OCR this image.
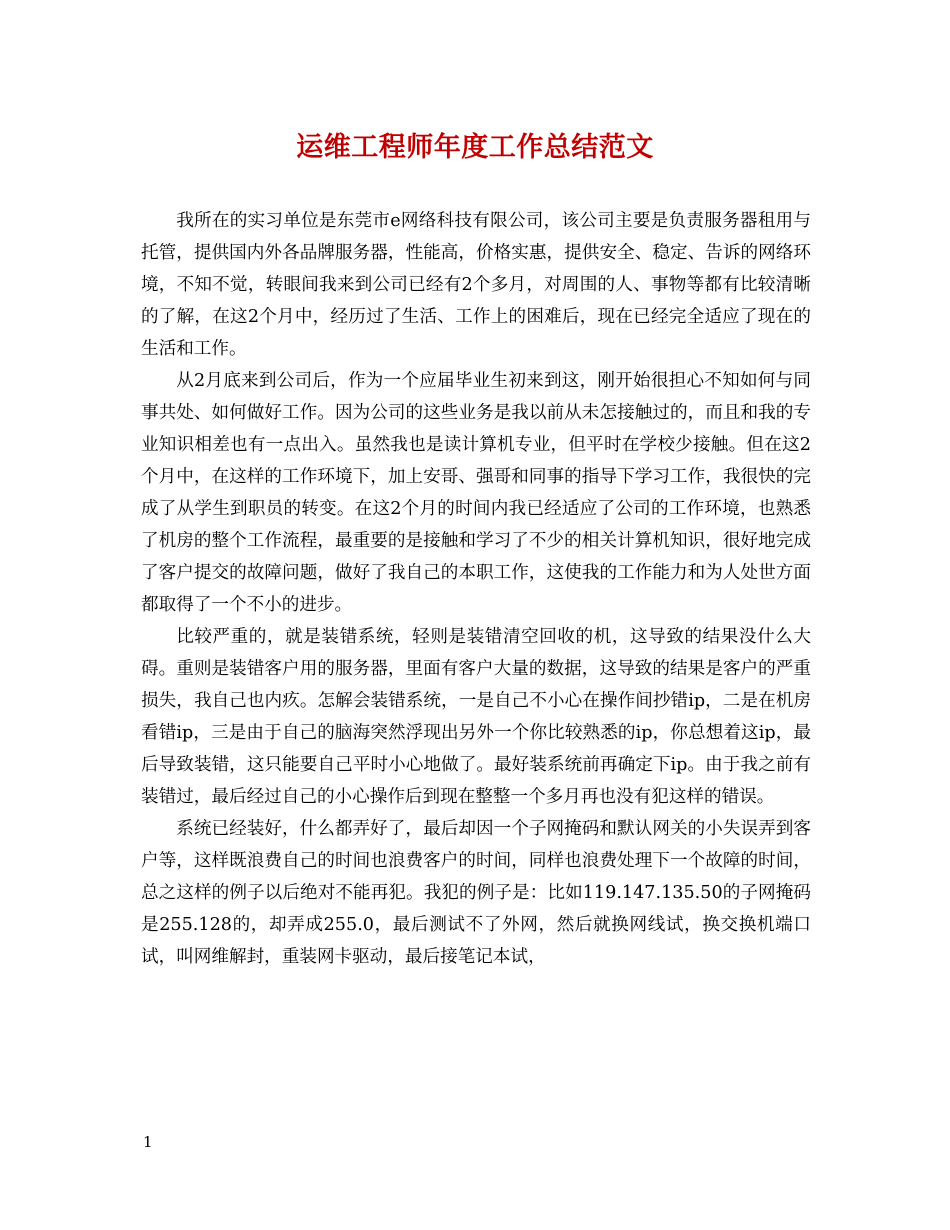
运维工程师年度工作总结范文

我所在的实习单位是东莞市e网络科技有限公司，该公司主要是负责服务器租用与托管，提供国内外各品牌服务器，性能高，价格实惠，提供安全、稳定、告诉的网络环境，不知不觉，转眼间我来到公司已经有2个多月，对周围的人、事物等都有比较清晰的了解，在这2个月中，经历过了生活、工作上的困难后，现在已经完全适应了现在的生活和工作。

从2月底来到公司后，作为一个应届毕业生初来到这，刚开始很担心不知如何与同事共处、如何做好工作。因为公司的这些业务是我以前从未怎接触过的，而且和我的专业知识相差也有一点出入。虽然我也是读计算机专业，但平时在学校少接触。但在这2个月中，在这样的工作环境下，加上安哥、强哥和同事的指导下学习工作，我很快的完成了从学生到职员的转变。在这2个月的时间内我已经适应了公司的工作环境，也熟悉了机房的整个工作流程，最重要的是接触和学习了不少的相关计算机知识，很好地完成了客户提交的故障问题，做好了我自己的本职工作，这使我的工作能力和为人处世方面都取得了一个不小的进步。

比较严重的，就是装错系统，轻则是装错清空回收的机，这导致的结果没什么大碍。重则是装错客户用的服务器，里面有客户大量的数据，这导致的结果是客户的严重损失，我自己也内疚。怎解会装错系统，一是自己不小心在操作间抄错ip，二是在机房看错ip，三是由于自己的脑海突然浮现出另外一个你比较熟悉的ip，你总想着这ip，最后导致装错，这只能要自己平时小心地做了。最好装系统前再确定下ip。由于我之前有装错过，最后经过自己的小心操作后到现在整整一个多月再也没有犯这样的错误。

系统已经装好，什么都弄好了，最后却因一个子网掩码和默认网关的小失误弄到客户等，这样既浪费自己的时间也浪费客户的时间，同样也浪费处理下一个故障的时间，总之这样的例子以后绝对不能再犯。我犯的例子是：比如119.147.135.50的子网掩码是255.128的，却弄成255.0，最后测试不了外网，然后就换网线试，换交换机端口试，叫网维解封，重装网卡驱动，最后接笔记本试，

1
